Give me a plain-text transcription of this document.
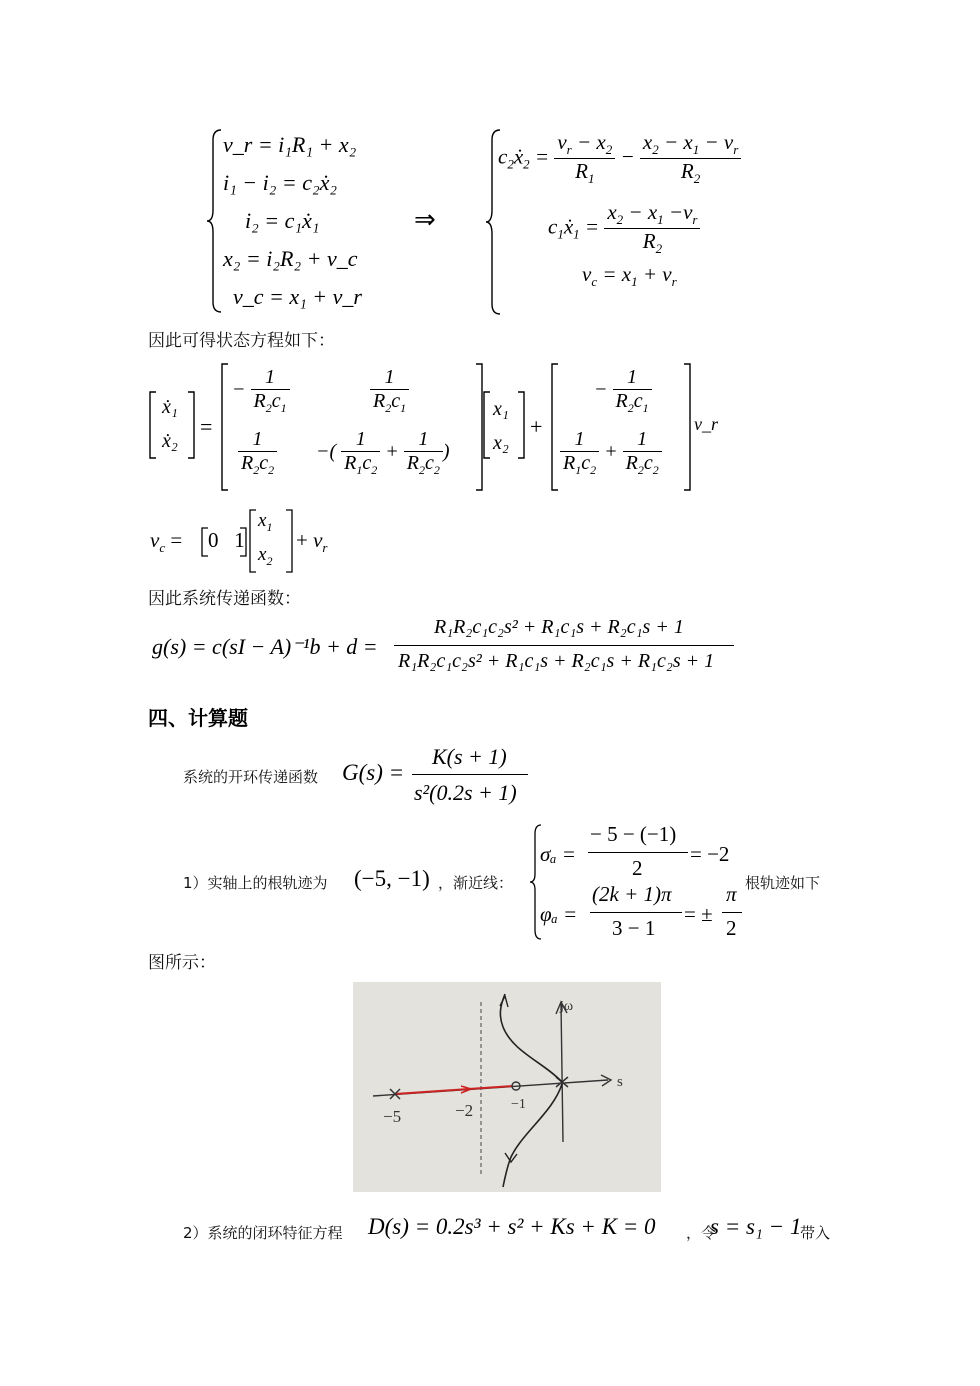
v_r = i₁R₁ + x₂
i₁ − i₂ = c₂ẋ₂
i₂ = c₁ẋ₁
x₂ = i₂R₂ + v_c
v_c = x₁ + v_r
⇒
$c_2ẋ_2 = \frac{v_r - x_2}{R_1} - \frac{x_2 - x_1 - v_r}{R_2}$
$c_1ẋ_1 = \frac{x_2 - x_1 -v_r}{R_2}$
$v_c = x_1 + v_r$
因此可得状态方程如下：
ẋ₁
ẋ₂
=
− $\frac{1}{R_2c_1}$	$\frac{1}{R_2c_1}$
$\frac{1}{R_2c_2}$ −( $\frac{1}{R_1c_2} + \frac{1}{R_2c_2}$ )
x₁
x₂
+
− $\frac{1}{R_2c_1}$
$\frac{1}{R_1c_2} + \frac{1}{R_2c_2}$
v_r
$v_c = 0$   1
$x_1$
$x_2$
+ $v_r$
因此系统传递函数：
g(s) = c(sI − A)⁻¹b + d =
R₁R₂c₁c₂s² + R₁c₁s + R₂c₁s + 1
R₁R₂c₁c₂s² + R₁c₁s + R₂c₁s + R₁c₂s + 1
四、计算题
系统的开环传递函数 G(s) =
K(s + 1)
s²(0.2s + 1)
1）实轴上的根轨迹为 (−5, −1) ，渐近线：
σₐ =
− 5 − (−1)
2
= −2
φₐ =
(2k + 1)π
3 − 1
= ±
π
2
根轨迹如下
图所示：
jω
s
−5	−2	−1
2）系统的闭环特征方程 D(s) = 0.2s³ + s² + Ks + K = 0 ，令
s = s₁ − 1
带入
